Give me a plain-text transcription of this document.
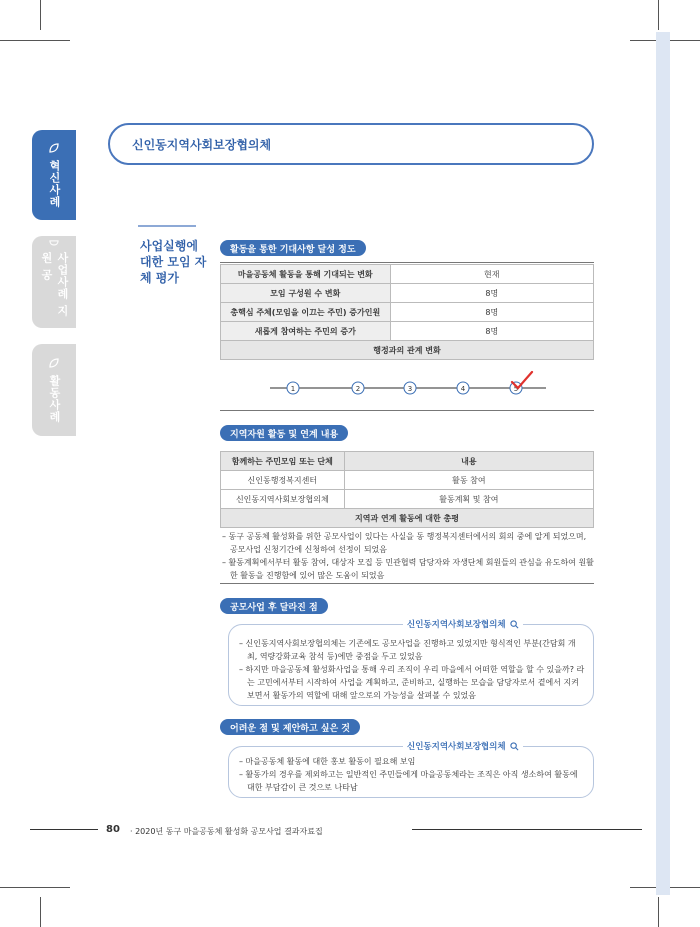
혁신사례
사업사례 지원 공
활동사례
신인동지역사회보장협의체
사업실행에 대한 모임 자체 평가
활동을 통한 기대사항 달성 정도
마을공동체 활동을 통해 기대되는 변화	현재
모임 구성원 수 변화	8명
총핵심 주체(모임을 이끄는 주민) 증가인원	8명
새롭게 참여하는 주민의 증가	8명
행정과의 관계 변화	
1	2	3	4	5
지역자원 활동 및 연계 내용
함께하는 주민모임 또는 단체	내용
신인동행정복지센터	활동 참여
신인동지역사회보장협의체	활동계획 및 참여
지역과 연계 활동에 대한 총평	
– 동구 공동체 활성화를 위한 공모사업이 있다는 사실을 동 행정복지센터에서의 회의 중에 알게 되었으며, 공모사업 신청기간에 신청하여 선정이 되었음
– 활동계획에서부터 활동 참여, 대상자 모집 등 민관협력 담당자와 자생단체 회원들의 관심을 유도하여 원활한 활동을 진행함에 있어 많은 도움이 되었음
공모사업 후 달라진 점
신인동지역사회보장협의체
– 신인동지역사회보장협의체는 기존에도 공모사업을 진행하고 있었지만 형식적인 부분(간담회 개최, 역량강화교육 참석 등)에만 중점을 두고 있었음
– 하지만 마을공동체 활성화사업을 통해 우리 조직이 우리 마을에서 어떠한 역할을 할 수 있을까? 라는 고민에서부터 시작하여 사업을 계획하고, 준비하고, 실행하는 모습을 담당자로서 곁에서 지켜보면서 활동가의 역할에 대해 앞으로의 가능성을 살펴볼 수 있었음
어려운 점 및 제안하고 싶은 것
신인동지역사회보장협의체
– 마을공동체 활동에 대한 홍보 활동이 필요해 보임
– 활동가의 경우를 제외하고는 일반적인 주민들에게 마을공동체라는 조직은 아직 생소하여 활동에 대한 부담감이 큰 것으로 나타남
80 · 2020년 동구 마을공동체 활성화 공모사업 결과자료집
